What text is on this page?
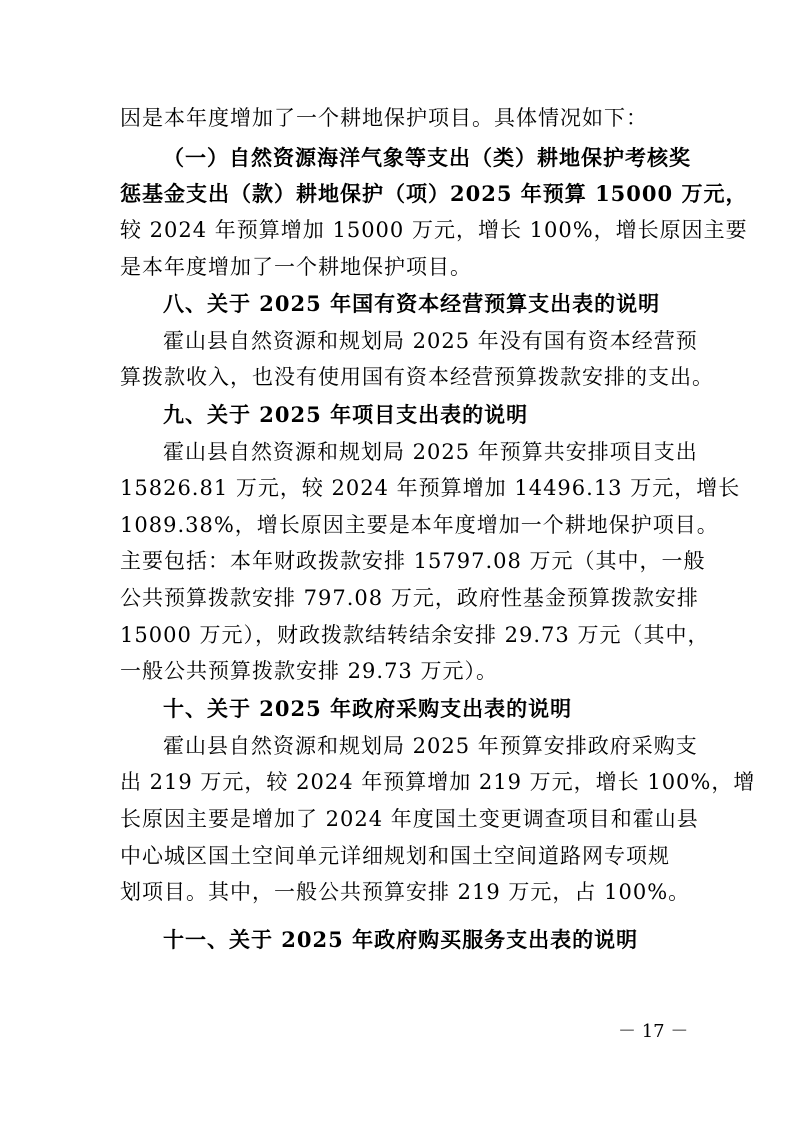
因是本年度增加了一个耕地保护项目。具体情况如下：
（一）自然资源海洋气象等支出（类）耕地保护考核奖
惩基金支出（款）耕地保护（项）2025 年预算 15000 万元，
较 2024 年预算增加 15000 万元，增长 100%，增长原因主要
是本年度增加了一个耕地保护项目。
八、关于 2025 年国有资本经营预算支出表的说明
霍山县自然资源和规划局 2025 年没有国有资本经营预
算拨款收入，也没有使用国有资本经营预算拨款安排的支出。
九、关于 2025 年项目支出表的说明
霍山县自然资源和规划局 2025 年预算共安排项目支出
15826.81 万元，较 2024 年预算增加 14496.13 万元，增长
1089.38%，增长原因主要是本年度增加一个耕地保护项目。
主要包括：本年财政拨款安排 15797.08 万元（其中，一般
公共预算拨款安排 797.08 万元，政府性基金预算拨款安排
15000 万元），财政拨款结转结余安排 29.73 万元（其中，
一般公共预算拨款安排 29.73 万元）。
十、关于 2025 年政府采购支出表的说明
霍山县自然资源和规划局 2025 年预算安排政府采购支
出 219 万元，较 2024 年预算增加 219 万元，增长 100%，增
长原因主要是增加了 2024 年度国土变更调查项目和霍山县
中心城区国土空间单元详细规划和国土空间道路网专项规
划项目。其中，一般公共预算安排 219 万元，占 100%。
十一、关于 2025 年政府购买服务支出表的说明
－ 17 －
